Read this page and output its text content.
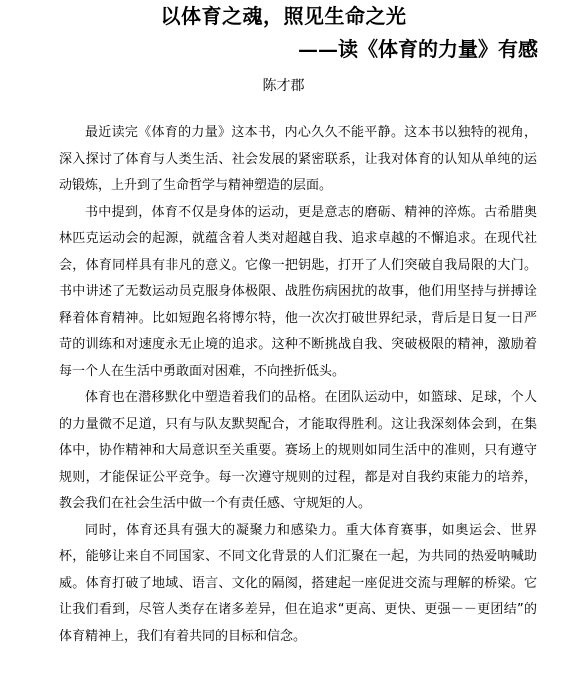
以体育之魂，照见生命之光
——读《体育的力量》有感
陈才郡

最近读完《体育的力量》这本书，内心久久不能平静。这本书以独特的视角，深入探讨了体育与人类生活、社会发展的紧密联系，让我对体育的认知从单纯的运动锻炼，上升到了生命哲学与精神塑造的层面。

书中提到，体育不仅是身体的运动，更是意志的磨砺、精神的淬炼。古希腊奥林匹克运动会的起源，就蕴含着人类对超越自我、追求卓越的不懈追求。在现代社会，体育同样具有非凡的意义。它像一把钥匙，打开了人们突破自我局限的大门。书中讲述了无数运动员克服身体极限、战胜伤病困扰的故事，他们用坚持与拼搏诠释着体育精神。比如短跑名将博尔特，他一次次打破世界纪录，背后是日复一日严苛的训练和对速度永无止境的追求。这种不断挑战自我、突破极限的精神，激励着每一个人在生活中勇敢面对困难，不向挫折低头。

体育也在潜移默化中塑造着我们的品格。在团队运动中，如篮球、足球，个人的力量微不足道，只有与队友默契配合，才能取得胜利。这让我深刻体会到，在集体中，协作精神和大局意识至关重要。赛场上的规则如同生活中的准则，只有遵守规则，才能保证公平竞争。每一次遵守规则的过程，都是对自我约束能力的培养，教会我们在社会生活中做一个有责任感、守规矩的人。

同时，体育还具有强大的凝聚力和感染力。重大体育赛事，如奥运会、世界杯，能够让来自不同国家、不同文化背景的人们汇聚在一起，为共同的热爱呐喊助威。体育打破了地域、语言、文化的隔阂，搭建起一座促进交流与理解的桥梁。它让我们看到，尽管人类存在诸多差异，但在追求“更高、更快、更强－－更团结”的体育精神上，我们有着共同的目标和信念。
